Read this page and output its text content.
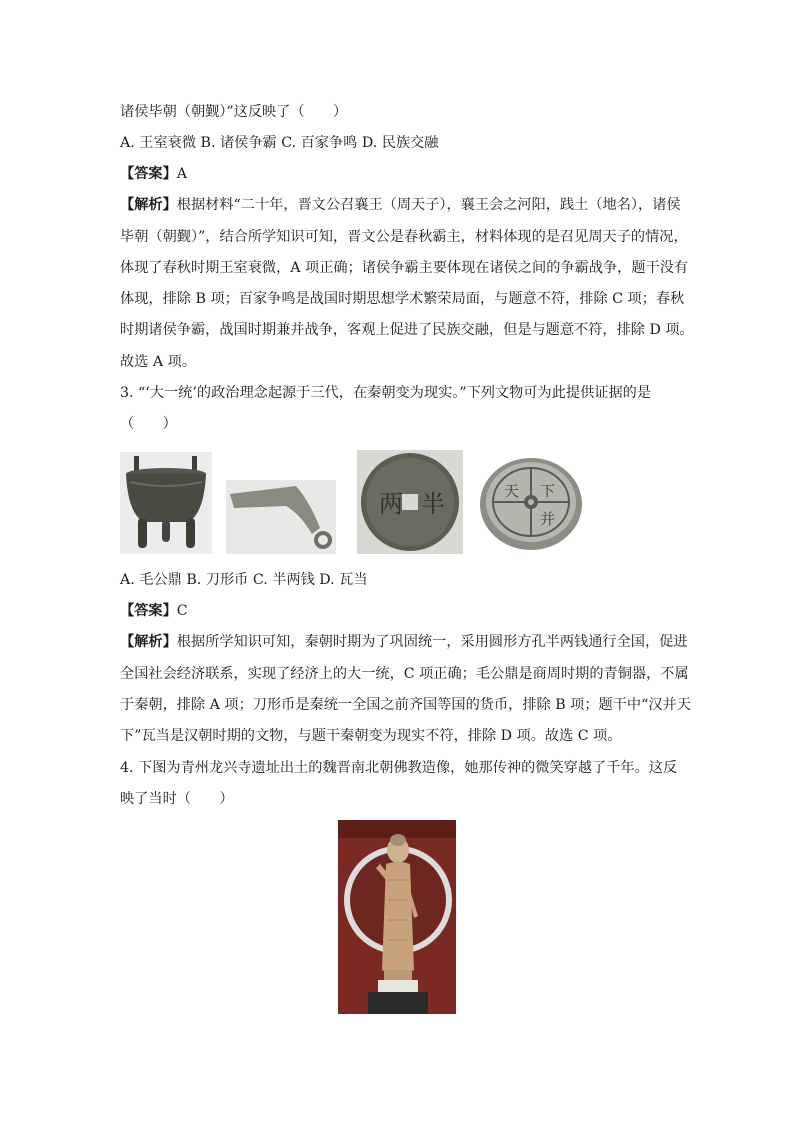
诸侯毕朝（朝觐）”这反映了（　　）
A. 王室衰微 B. 诸侯争霸 C. 百家争鸣 D. 民族交融
【答案】A
【解析】根据材料“二十年，晋文公召襄王（周天子），襄王会之河阳，践土（地名），诸侯
毕朝（朝觐）”，结合所学知识可知，晋文公是春秋霸主，材料体现的是召见周天子的情况，
体现了春秋时期王室衰微，A 项正确；诸侯争霸主要体现在诸侯之间的争霸战争，题干没有
体现，排除 B 项；百家争鸣是战国时期思想学术繁荣局面，与题意不符，排除 C 项；春秋
时期诸侯争霸，战国时期兼并战争，客观上促进了民族交融，但是与题意不符，排除 D 项。
故选 A 项。
3. “‘大一统’的政治理念起源于三代，在秦朝变为现实。”下列文物可为此提供证据的是
（　　）
两 半	天 下
并
A. 毛公鼎 B. 刀形币 C. 半两钱 D. 瓦当
【答案】C
【解析】根据所学知识可知，秦朝时期为了巩固统一，采用圆形方孔半两钱通行全国，促进
全国社会经济联系，实现了经济上的大一统，C 项正确；毛公鼎是商周时期的青铜器，不属
于秦朝，排除 A 项；刀形币是秦统一全国之前齐国等国的货币，排除 B 项；题干中“汉并天
下”瓦当是汉朝时期的文物，与题干秦朝变为现实不符，排除 D 项。故选 C 项。
4. 下图为青州龙兴寺遗址出土的魏晋南北朝佛教造像，她那传神的微笑穿越了千年。这反
映了当时（　　）
